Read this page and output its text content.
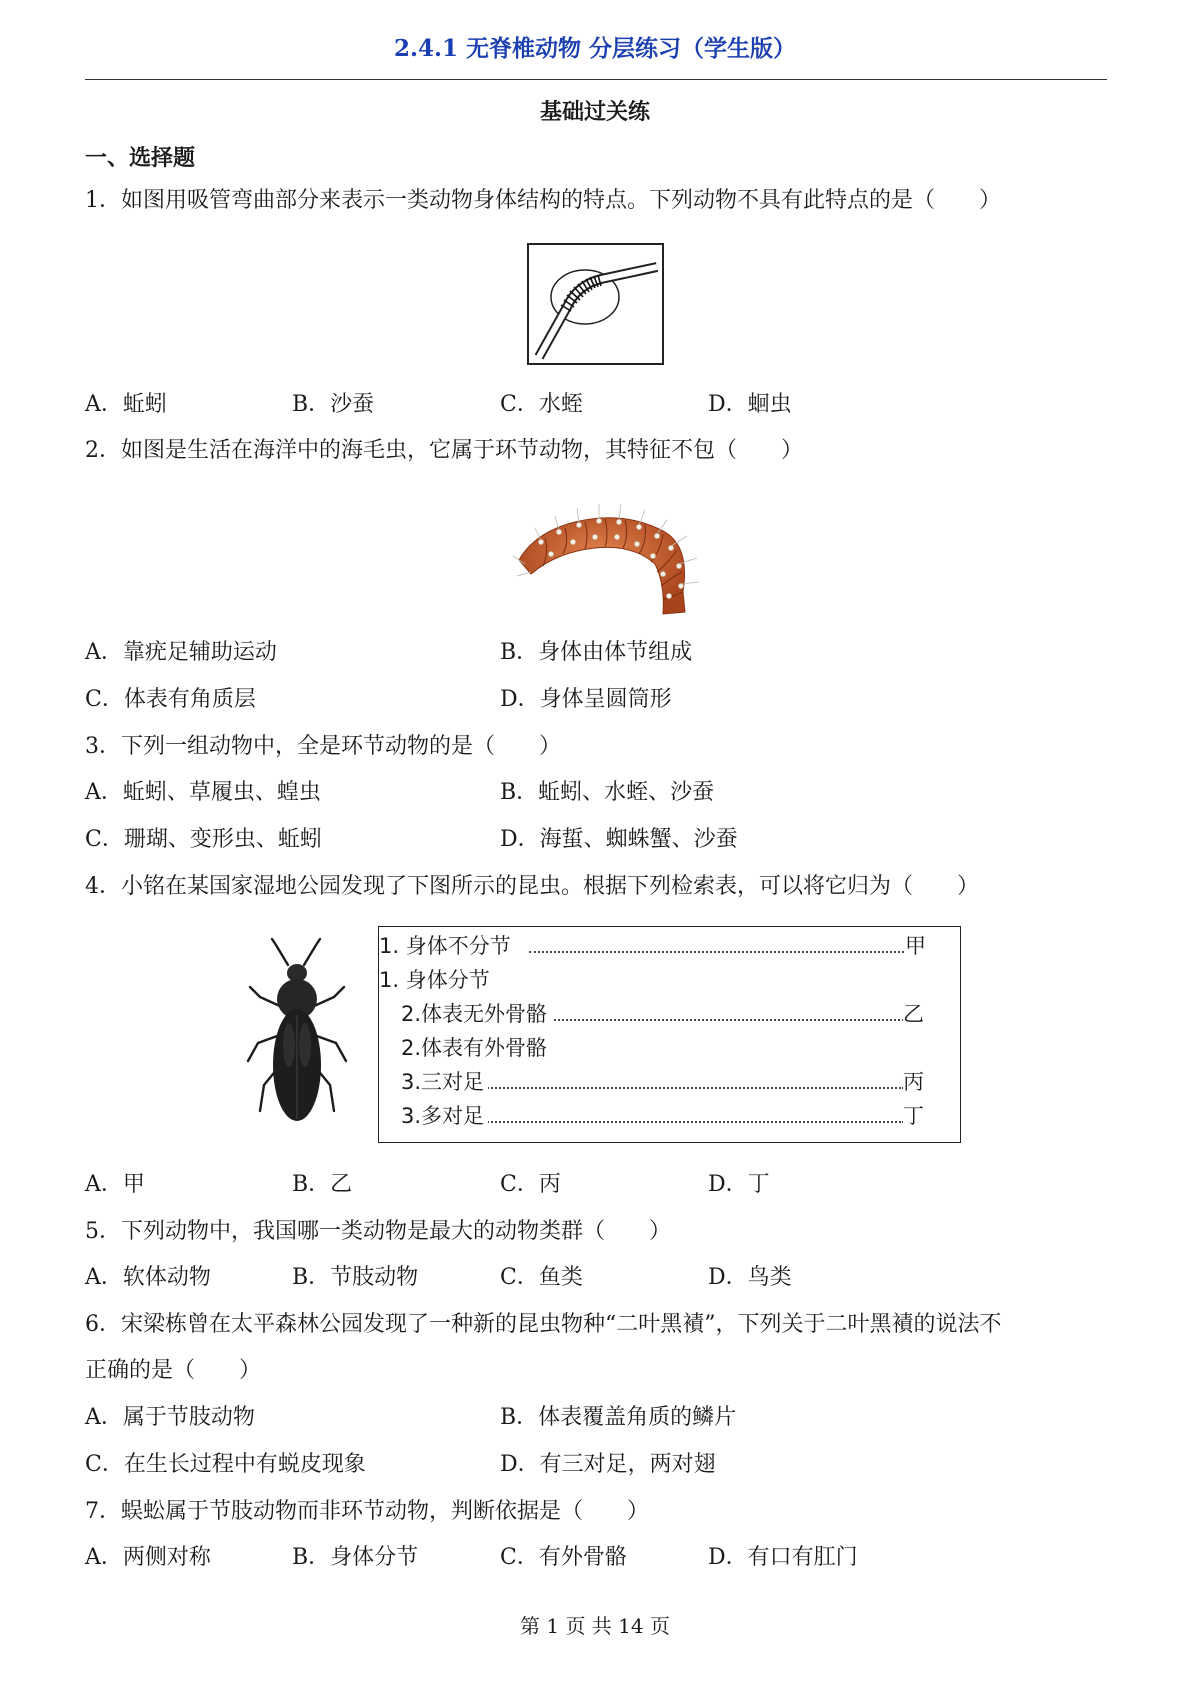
2.4.1 无脊椎动物 分层练习（学生版）
基础过关练
一、选择题
1．如图用吸管弯曲部分来表示一类动物身体结构的特点。下列动物不具有此特点的是（　　）
A．蚯蚓	B．沙蚕	C．水蛭	D．蛔虫
2．如图是生活在海洋中的海毛虫，它属于环节动物，其特征不包（　　）
A．靠疣足辅助运动	B．身体由体节组成
C．体表有角质层	D．身体呈圆筒形
3．下列一组动物中，全是环节动物的是（　　）
A．蚯蚓、草履虫、蝗虫	B．蚯蚓、水蛭、沙蚕
C．珊瑚、变形虫、蚯蚓	D．海蜇、蜘蛛蟹、沙蚕
4．小铭在某国家湿地公园发现了下图所示的昆虫。根据下列检索表，可以将它归为（　　）
1. 身体不分节	甲
1. 身体分节
2.体表无外骨骼	乙
2.体表有外骨骼
3.三对足	丙
3.多对足	丁
A．甲	B．乙	C．丙	D．丁
5．下列动物中，我国哪一类动物是最大的动物类群（　　）
A．软体动物	B．节肢动物	C．鱼类	D．鸟类
6．宋梁栋曾在太平森林公园发现了一种新的昆虫物种“二叶黑襀”，下列关于二叶黑襀的说法不
正确的是（　　）
A．属于节肢动物	B．体表覆盖角质的鳞片
C．在生长过程中有蜕皮现象	D．有三对足，两对翅
7．蜈蚣属于节肢动物而非环节动物，判断依据是（　　）
A．两侧对称	B．身体分节	C．有外骨骼	D．有口有肛门
第 1 页 共 14 页
